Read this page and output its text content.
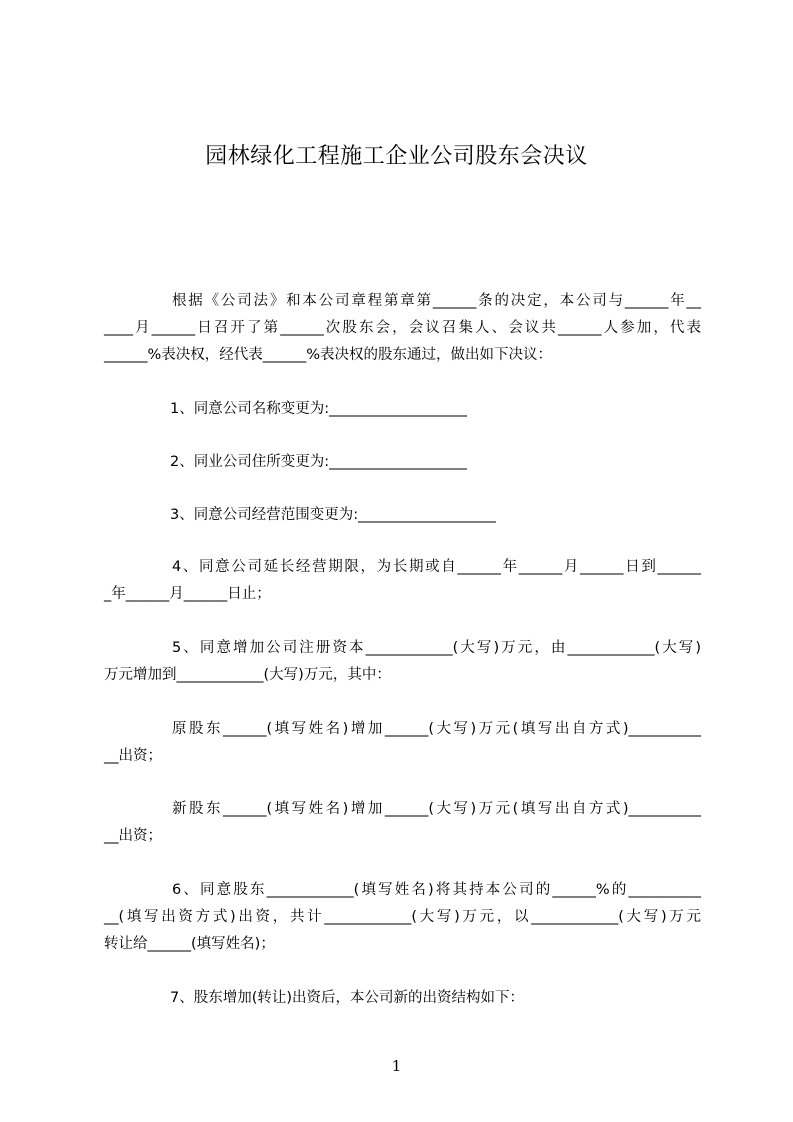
园林绿化工程施工企业公司股东会决议
根据《公司法》和本公司章程第章第______条的决定，本公司与______年__
____月______日召开了第______次股东会，会议召集人、会议共______人参加，代表
______%表决权，经代表______%表决权的股东通过，做出如下决议：
1、同意公司名称变更为:___________________
2、同业公司住所变更为:___________________
3、同意公司经营范围变更为:___________________
4、同意公司延长经营期限，为长期或自______年______月______日到______
_年______月______日止；
5、同意增加公司注册资本____________(大写)万元，由____________(大写)
万元增加到____________(大写)万元，其中：
原股东______(填写姓名)增加______(大写)万元(填写出自方式)__________
__出资；
新股东______(填写姓名)增加______(大写)万元(填写出自方式)__________
__出资；
6、同意股东____________(填写姓名)将其持本公司的______%的__________
__(填写出资方式)出资，共计____________(大写)万元，以____________(大写)万元
转让给______(填写姓名)；
7、股东增加(转让)出资后，本公司新的出资结构如下：
1
